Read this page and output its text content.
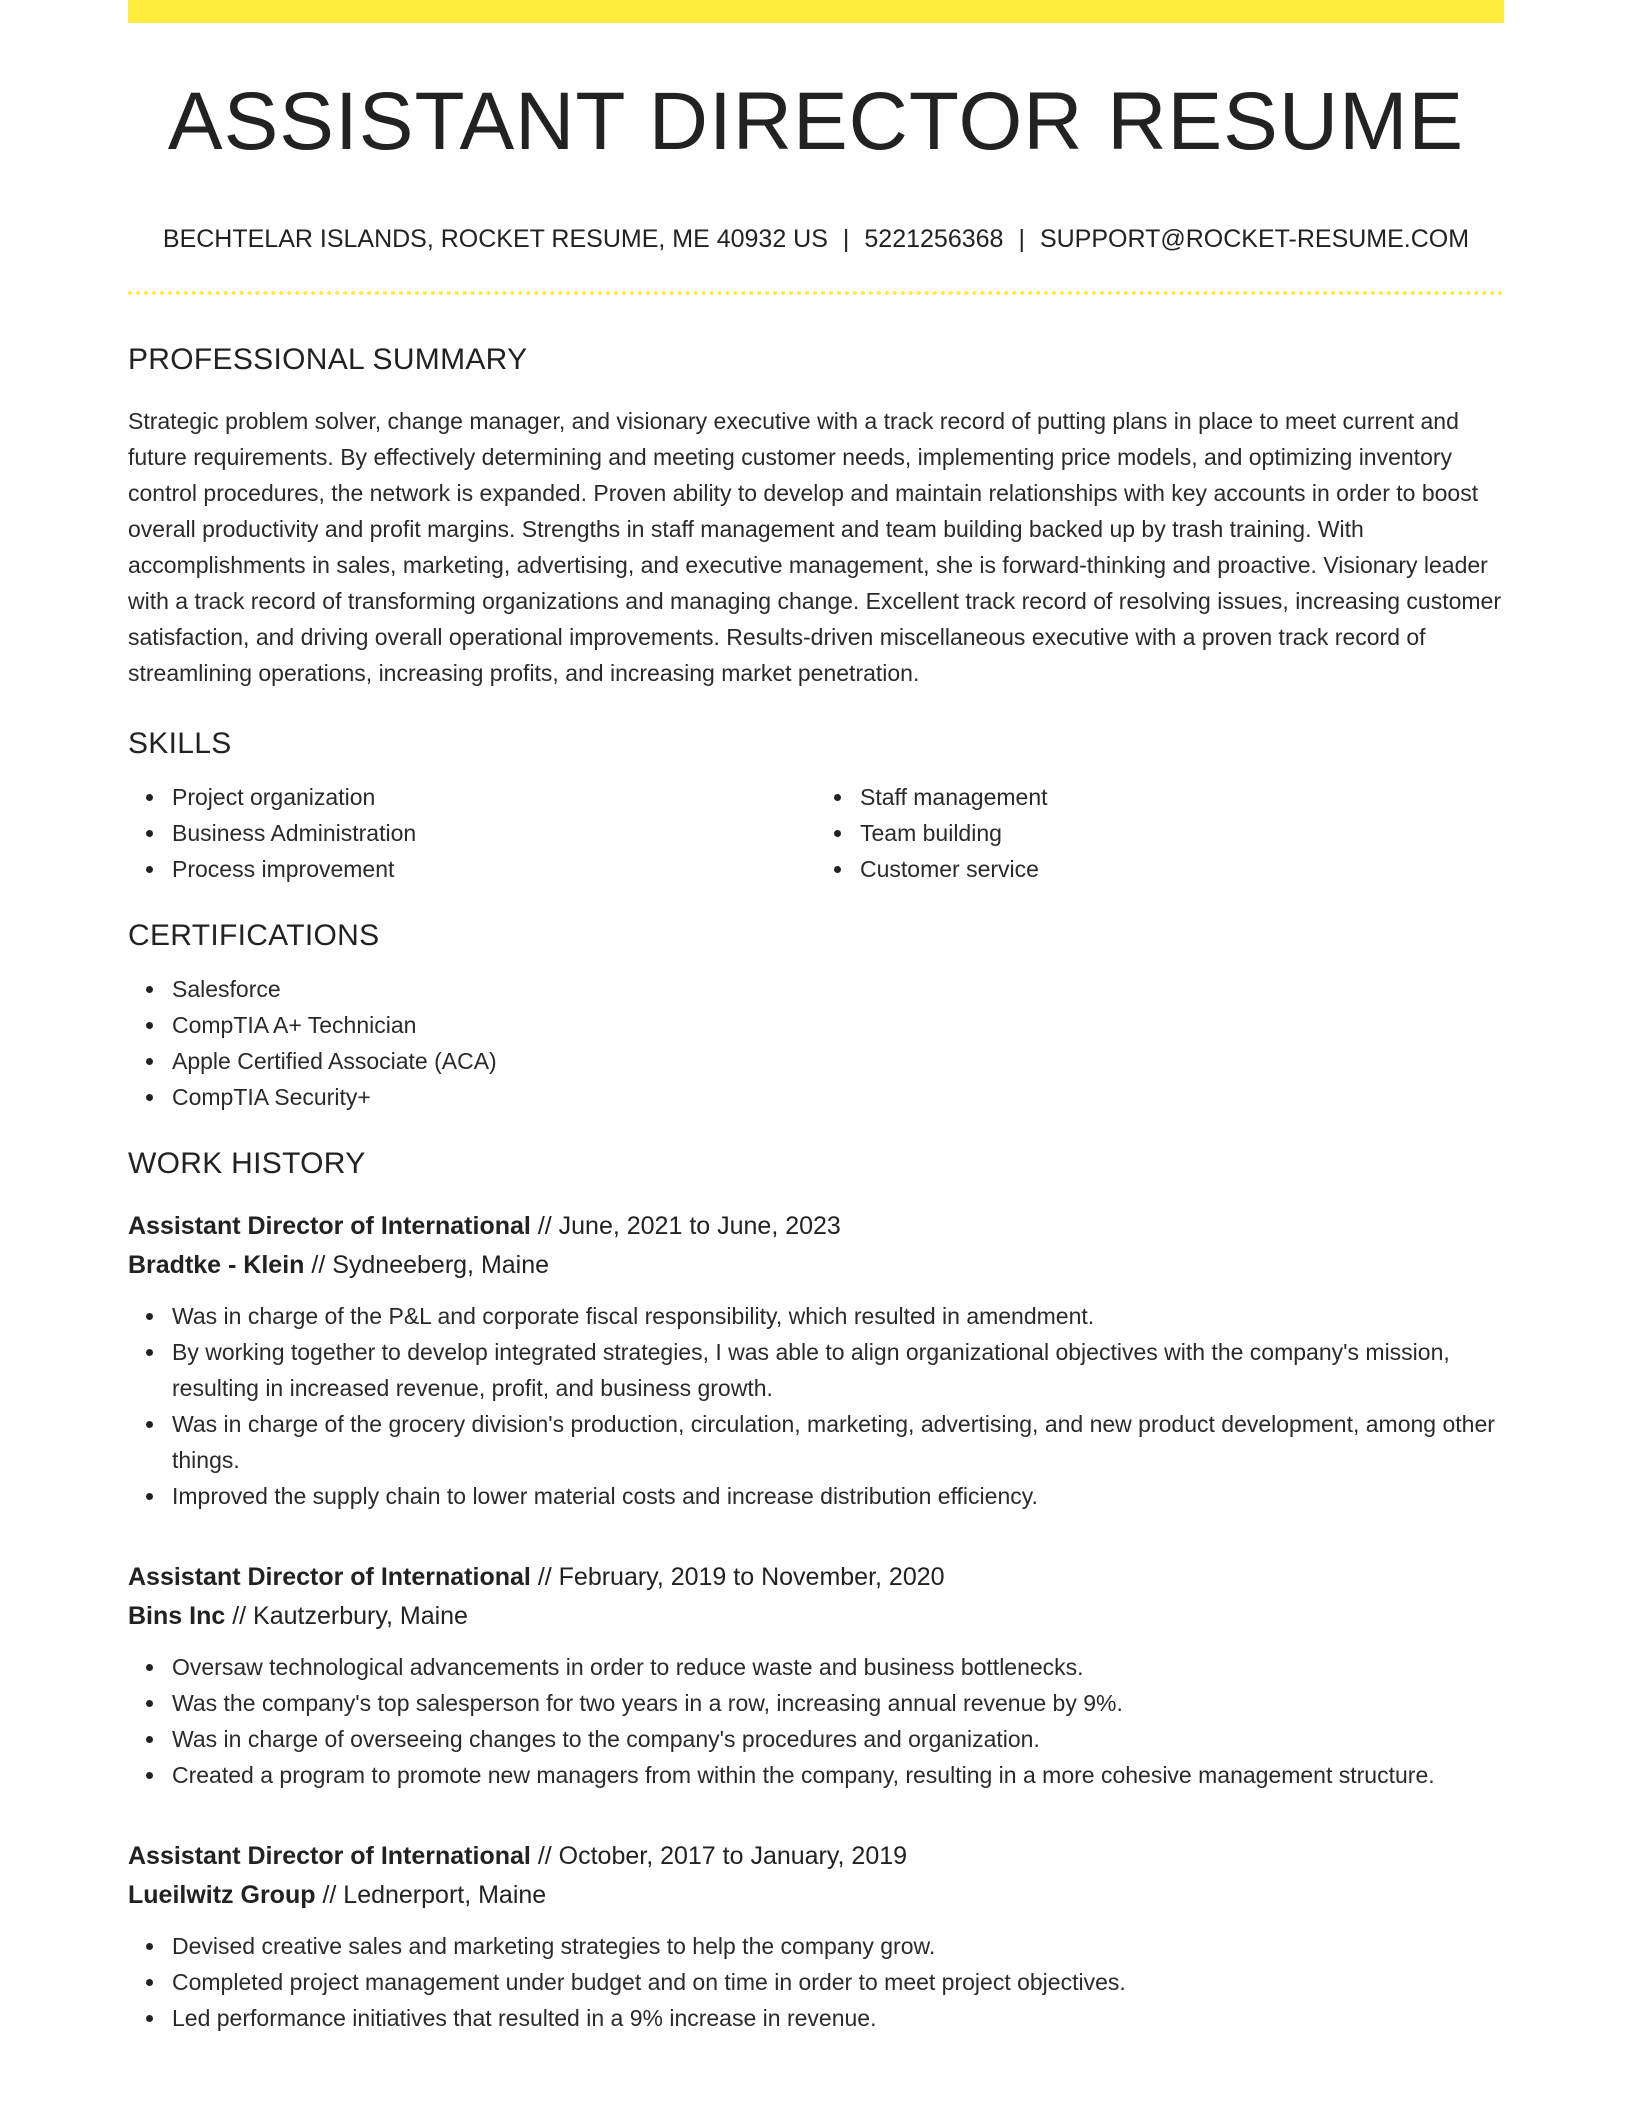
ASSISTANT DIRECTOR RESUME
BECHTELAR ISLANDS, ROCKET RESUME, ME 40932 US | 5221256368 | SUPPORT@ROCKET-RESUME.COM
PROFESSIONAL SUMMARY

Strategic problem solver, change manager, and visionary executive with a track record of putting plans in place to meet current and future requirements. By effectively determining and meeting customer needs, implementing price models, and optimizing inventory control procedures, the network is expanded. Proven ability to develop and maintain relationships with key accounts in order to boost overall productivity and profit margins. Strengths in staff management and team building backed up by trash training. With accomplishments in sales, marketing, advertising, and executive management, she is forward-thinking and proactive. Visionary leader with a track record of transforming organizations and managing change. Excellent track record of resolving issues, increasing customer satisfaction, and driving overall operational improvements. Results-driven miscellaneous executive with a proven track record of streamlining operations, increasing profits, and increasing market penetration.

SKILLS
Project organization
Business Administration
Process improvement
Staff management
Team building
Customer service
CERTIFICATIONS
Salesforce
CompTIA A+ Technician
Apple Certified Associate (ACA)
CompTIA Security+
WORK HISTORY
Assistant Director of International // June, 2021 to June, 2023
Bradtke - Klein // Sydneeberg, Maine
Was in charge of the P&L and corporate fiscal responsibility, which resulted in amendment.
By working together to develop integrated strategies, I was able to align organizational objectives with the company's mission, resulting in increased revenue, profit, and business growth.
Was in charge of the grocery division's production, circulation, marketing, advertising, and new product development, among other things.
Improved the supply chain to lower material costs and increase distribution efficiency.
Assistant Director of International // February, 2019 to November, 2020
Bins Inc // Kautzerbury, Maine
Oversaw technological advancements in order to reduce waste and business bottlenecks.
Was the company's top salesperson for two years in a row, increasing annual revenue by 9%.
Was in charge of overseeing changes to the company's procedures and organization.
Created a program to promote new managers from within the company, resulting in a more cohesive management structure.
Assistant Director of International // October, 2017 to January, 2019
Lueilwitz Group // Lednerport, Maine
Devised creative sales and marketing strategies to help the company grow.
Completed project management under budget and on time in order to meet project objectives.
Led performance initiatives that resulted in a 9% increase in revenue.
